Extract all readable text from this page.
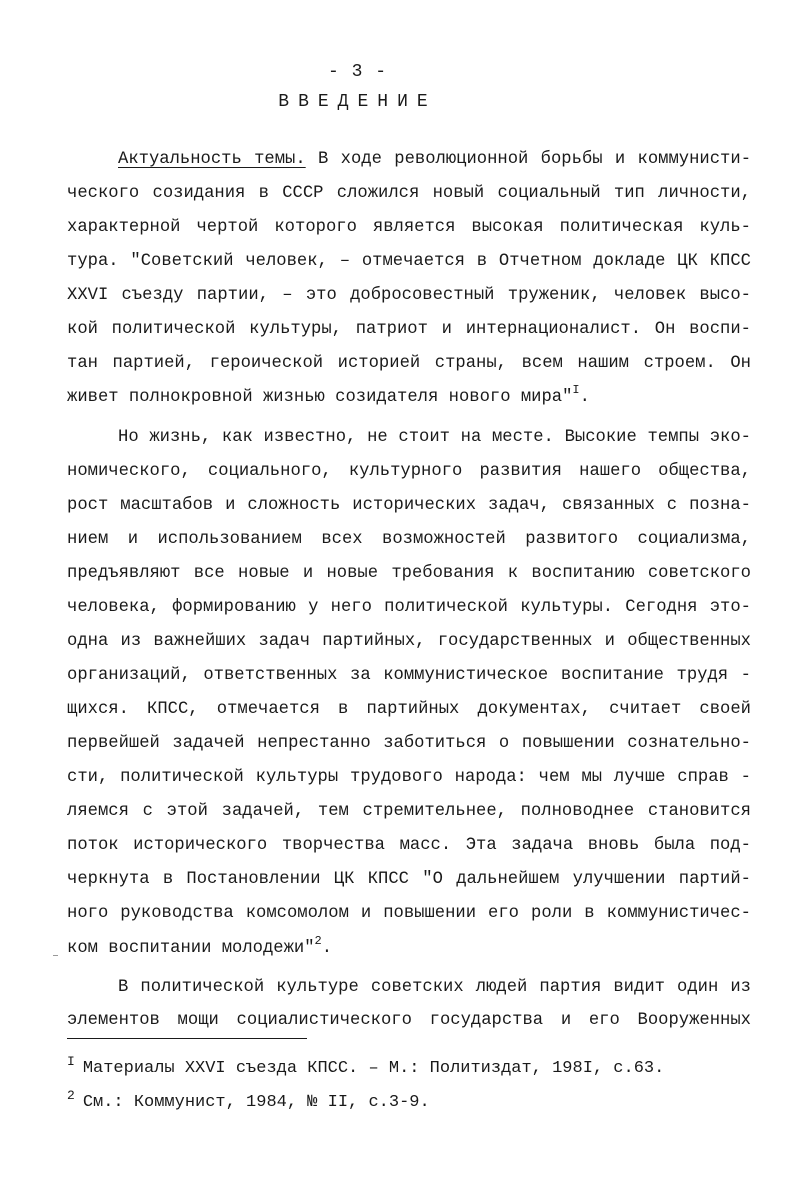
- 3 -
ВВЕДЕНИЕ
Актуальность темы. В ходе революционной борьбы и коммунисти-
ческого созидания в СССР сложился новый социальный тип личности,
характерной чертой которого является высокая политическая куль-
тура. "Советский человек, – отмечается в Отчетном докладе ЦК КПСС
XXVI съезду партии, – это добросовестный труженик, человек высо-
кой политической культуры, патриот и интернационалист. Он воспи-
тан партией, героической историей страны, всем нашим строем. Он
живет полнокровной жизнью созидателя нового мира"$^I$.
Но жизнь, как известно, не стоит на месте. Высокие темпы эко-
номического, социального, культурного развития нашего общества,
рост масштабов и сложность исторических задач, связанных с позна-
нием и использованием всех возможностей развитого социализма,
предъявляют все новые и новые требования к воспитанию советского
человека, формированию у него политической культуры. Сегодня это-
одна из важнейших задач партийных, государственных и общественных
организаций, ответственных за коммунистическое воспитание трудя -
щихся. КПСС, отмечается в партийных документах, считает своей
первейшей задачей непрестанно заботиться о повышении сознательно-
сти, политической культуры трудового народа: чем мы лучше справ -
ляемся с этой задачей, тем стремительнее, полноводнее становится
поток исторического творчества масс. Эта задача вновь была под-
черкнута в Постановлении ЦК КПСС "О дальнейшем улучшении партий-
ного руководства комсомолом и повышении его роли в коммунистичес-
ком воспитании молодежи"$^2$.
В политической культуре советских людей партия видит один из
элементов мощи социалистического государства и его Вооруженных
$^I$ Материалы XXVI съезда КПСС. – М.: Политиздат, 198I, с.63.
$^2$ См.: Коммунист, 1984, № II, с.3-9.
